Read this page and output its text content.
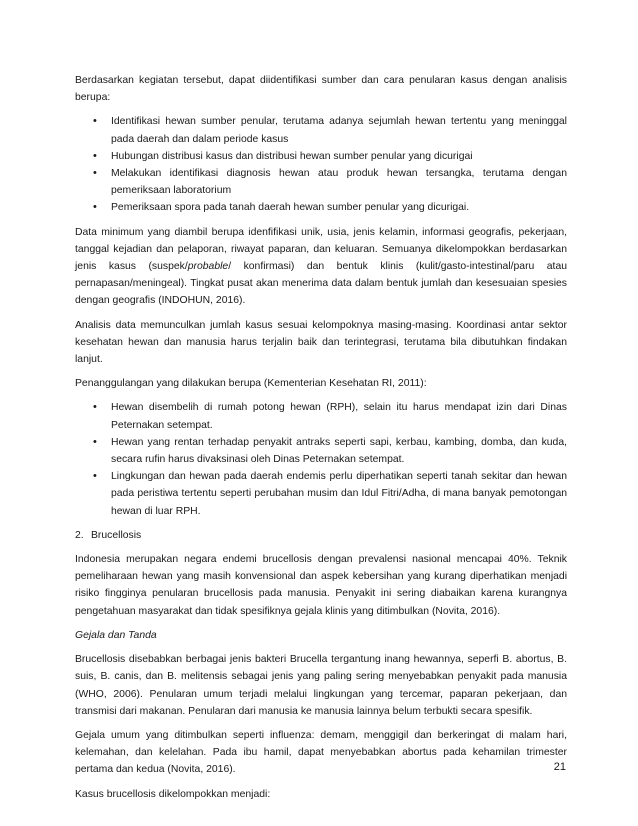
Berdasarkan kegiatan tersebut, dapat diidentifikasi sumber dan cara penularan kasus dengan analisis berupa:

• Identifikasi hewan sumber penular, terutama adanya sejumlah hewan tertentu yang meninggal pada daerah dan dalam periode kasus
• Hubungan distribusi kasus dan distribusi hewan sumber penular yang dicurigai
• Melakukan identifikasi diagnosis hewan atau produk hewan tersangka, terutama dengan pemeriksaan laboratorium
• Pemeriksaan spora pada tanah daerah hewan sumber penular yang dicurigai.

Data minimum yang diambil berupa idenfifikasi unik, usia, jenis kelamin, informasi geografis, pekerjaan, tanggal kejadian dan pelaporan, riwayat paparan, dan keluaran. Semuanya dikelompokkan berdasarkan jenis kasus (suspek/probable/ konfirmasi) dan bentuk klinis (kulit/gasto-intestinal/paru atau pernapasan/meningeal). Tingkat pusat akan menerima data dalam bentuk jumlah dan kesesuaian spesies dengan geografis (INDOHUN, 2016).

Analisis data memunculkan jumlah kasus sesuai kelompoknya masing-masing. Koordinasi antar sektor kesehatan hewan dan manusia harus terjalin baik dan terintegrasi, terutama bila dibutuhkan findakan lanjut.

Penanggulangan yang dilakukan berupa (Kementerian Kesehatan RI, 2011):

• Hewan disembelih di rumah potong hewan (RPH), selain itu harus mendapat izin dari Dinas Peternakan setempat.
• Hewan yang rentan terhadap penyakit antraks seperti sapi, kerbau, kambing, domba, dan kuda, secara rufin harus divaksinasi oleh Dinas Peternakan setempat.
• Lingkungan dan hewan pada daerah endemis perlu diperhatikan seperti tanah sekitar dan hewan pada peristiwa tertentu seperti perubahan musim dan Idul Fitri/Adha, di mana banyak pemotongan hewan di luar RPH.
2. Brucellosis

Indonesia merupakan negara endemi brucellosis dengan prevalensi nasional mencapai 40%. Teknik pemeliharaan hewan yang masih konvensional dan aspek kebersihan yang kurang diperhatikan menjadi risiko fingginya penularan brucellosis pada manusia. Penyakit ini sering diabaikan karena kurangnya pengetahuan masyarakat dan tidak spesifiknya gejala klinis yang ditimbulkan (Novita, 2016).

Gejala dan Tanda

Brucellosis disebabkan berbagai jenis bakteri Brucella tergantung inang hewannya, seperfi B. abortus, B. suis, B. canis, dan B. melitensis sebagai jenis yang paling sering menyebabkan penyakit pada manusia (WHO, 2006). Penularan umum terjadi melalui lingkungan yang tercemar, paparan pekerjaan, dan transmisi dari makanan. Penularan dari manusia ke manusia lainnya belum terbukti secara spesifik.

Gejala umum yang ditimbulkan seperti influenza: demam, menggigil dan berkeringat di malam hari, kelemahan, dan kelelahan. Pada ibu hamil, dapat menyebabkan abortus pada kehamilan trimester pertama dan kedua (Novita, 2016).

Kasus brucellosis dikelompokkan menjadi:

21
